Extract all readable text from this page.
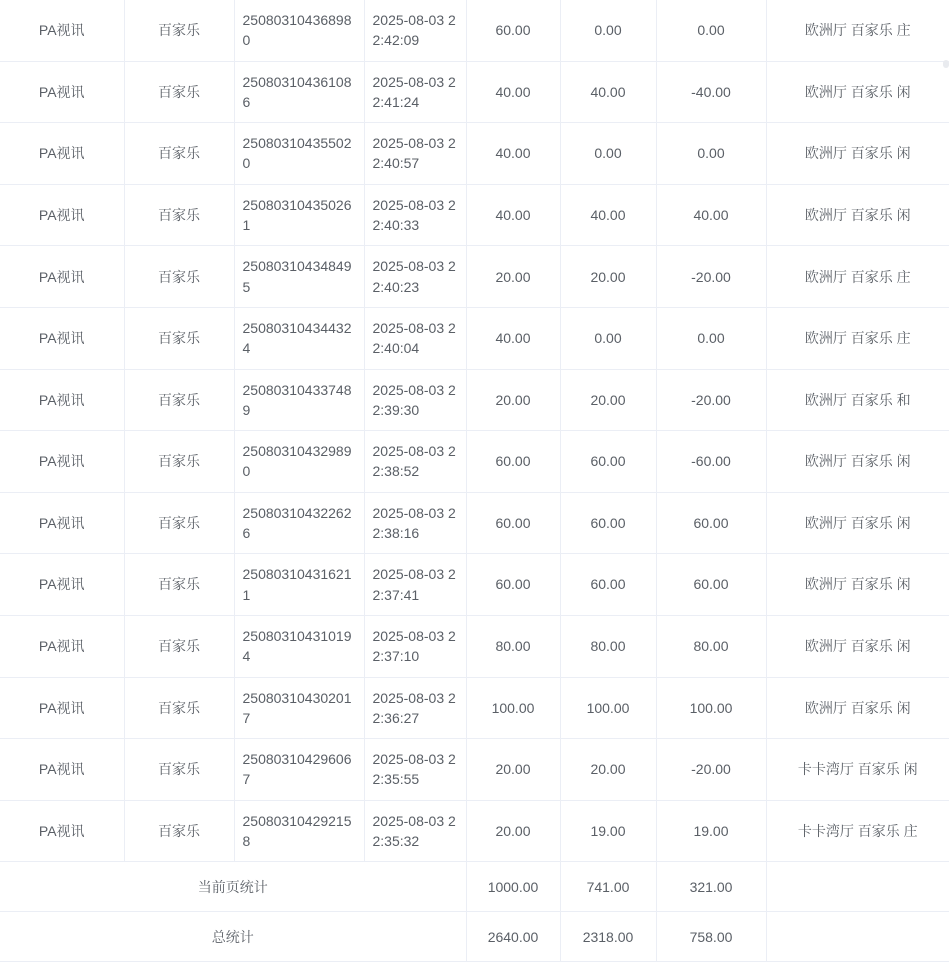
PA视讯	百家乐	250803104368980	2025-08-03 22:42:09	60.00	0.00	0.00	欧洲厅 百家乐 庄
PA视讯	百家乐	250803104361086	2025-08-03 22:41:24	40.00	40.00	-40.00	欧洲厅 百家乐 闲
PA视讯	百家乐	250803104355020	2025-08-03 22:40:57	40.00	0.00	0.00	欧洲厅 百家乐 闲
PA视讯	百家乐	250803104350261	2025-08-03 22:40:33	40.00	40.00	40.00	欧洲厅 百家乐 闲
PA视讯	百家乐	250803104348495	2025-08-03 22:40:23	20.00	20.00	-20.00	欧洲厅 百家乐 庄
PA视讯	百家乐	250803104344324	2025-08-03 22:40:04	40.00	0.00	0.00	欧洲厅 百家乐 庄
PA视讯	百家乐	250803104337489	2025-08-03 22:39:30	20.00	20.00	-20.00	欧洲厅 百家乐 和
PA视讯	百家乐	250803104329890	2025-08-03 22:38:52	60.00	60.00	-60.00	欧洲厅 百家乐 闲
PA视讯	百家乐	250803104322626	2025-08-03 22:38:16	60.00	60.00	60.00	欧洲厅 百家乐 闲
PA视讯	百家乐	250803104316211	2025-08-03 22:37:41	60.00	60.00	60.00	欧洲厅 百家乐 闲
PA视讯	百家乐	250803104310194	2025-08-03 22:37:10	80.00	80.00	80.00	欧洲厅 百家乐 闲
PA视讯	百家乐	250803104302017	2025-08-03 22:36:27	100.00	100.00	100.00	欧洲厅 百家乐 闲
PA视讯	百家乐	250803104296067	2025-08-03 22:35:55	20.00	20.00	-20.00	卡卡湾厅 百家乐 闲
PA视讯	百家乐	250803104292158	2025-08-03 22:35:32	20.00	19.00	19.00	卡卡湾厅 百家乐 庄
当前页统计				1000.00	741.00	321.00	
总统计				2640.00	2318.00	758.00	
